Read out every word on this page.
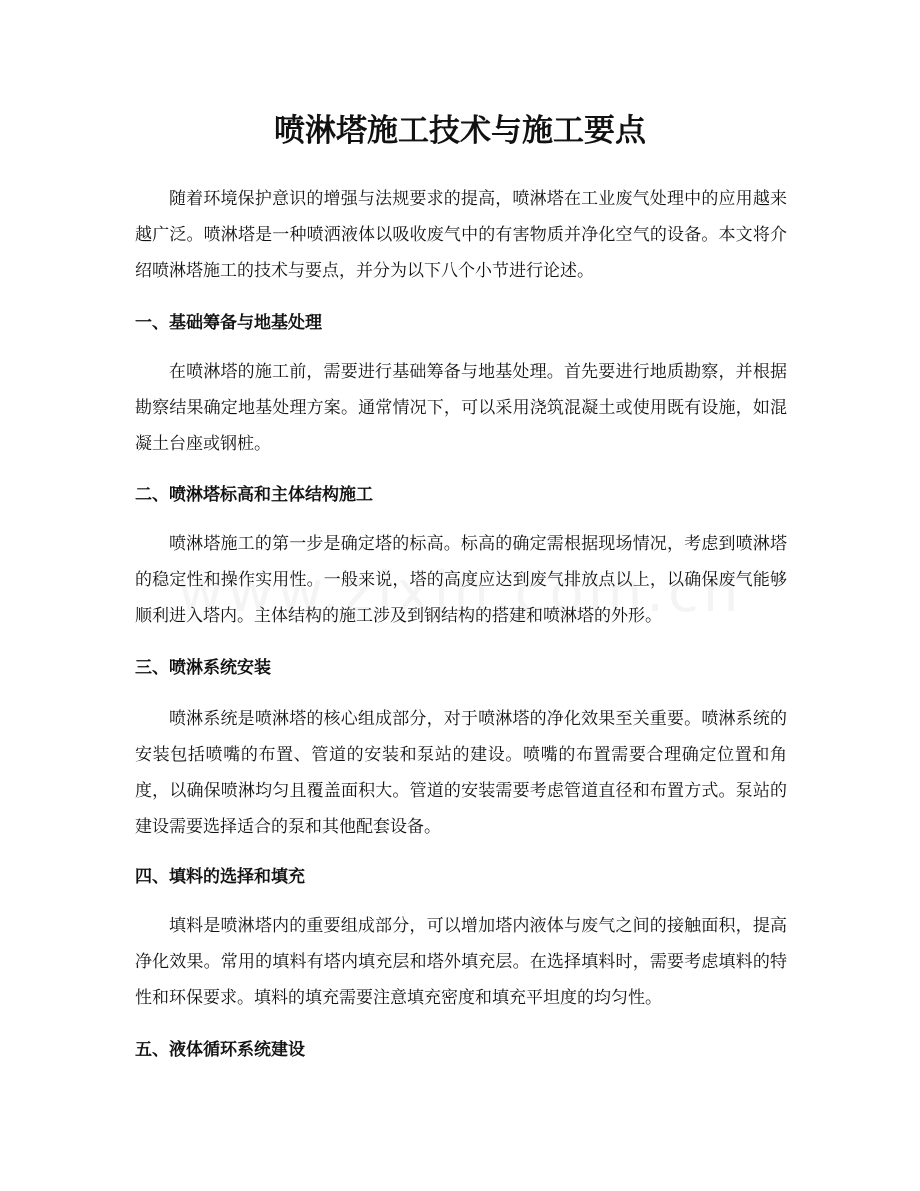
喷淋塔施工技术与施工要点

随着环境保护意识的增强与法规要求的提高，喷淋塔在工业废气处理中的应用越来越广泛。喷淋塔是一种喷洒液体以吸收废气中的有害物质并净化空气的设备。本文将介绍喷淋塔施工的技术与要点，并分为以下八个小节进行论述。

一、基础筹备与地基处理

在喷淋塔的施工前，需要进行基础筹备与地基处理。首先要进行地质勘察，并根据勘察结果确定地基处理方案。通常情况下，可以采用浇筑混凝土或使用既有设施，如混凝土台座或钢桩。

二、喷淋塔标高和主体结构施工

喷淋塔施工的第一步是确定塔的标高。标高的确定需根据现场情况，考虑到喷淋塔的稳定性和操作实用性。一般来说，塔的高度应达到废气排放点以上，以确保废气能够顺利进入塔内。主体结构的施工涉及到钢结构的搭建和喷淋塔的外形。

三、喷淋系统安装

喷淋系统是喷淋塔的核心组成部分，对于喷淋塔的净化效果至关重要。喷淋系统的安装包括喷嘴的布置、管道的安装和泵站的建设。喷嘴的布置需要合理确定位置和角度，以确保喷淋均匀且覆盖面积大。管道的安装需要考虑管道直径和布置方式。泵站的建设需要选择适合的泵和其他配套设备。

四、填料的选择和填充

填料是喷淋塔内的重要组成部分，可以增加塔内液体与废气之间的接触面积，提高净化效果。常用的填料有塔内填充层和塔外填充层。在选择填料时，需要考虑填料的特性和环保要求。填料的填充需要注意填充密度和填充平坦度的均匀性。

五、液体循环系统建设
